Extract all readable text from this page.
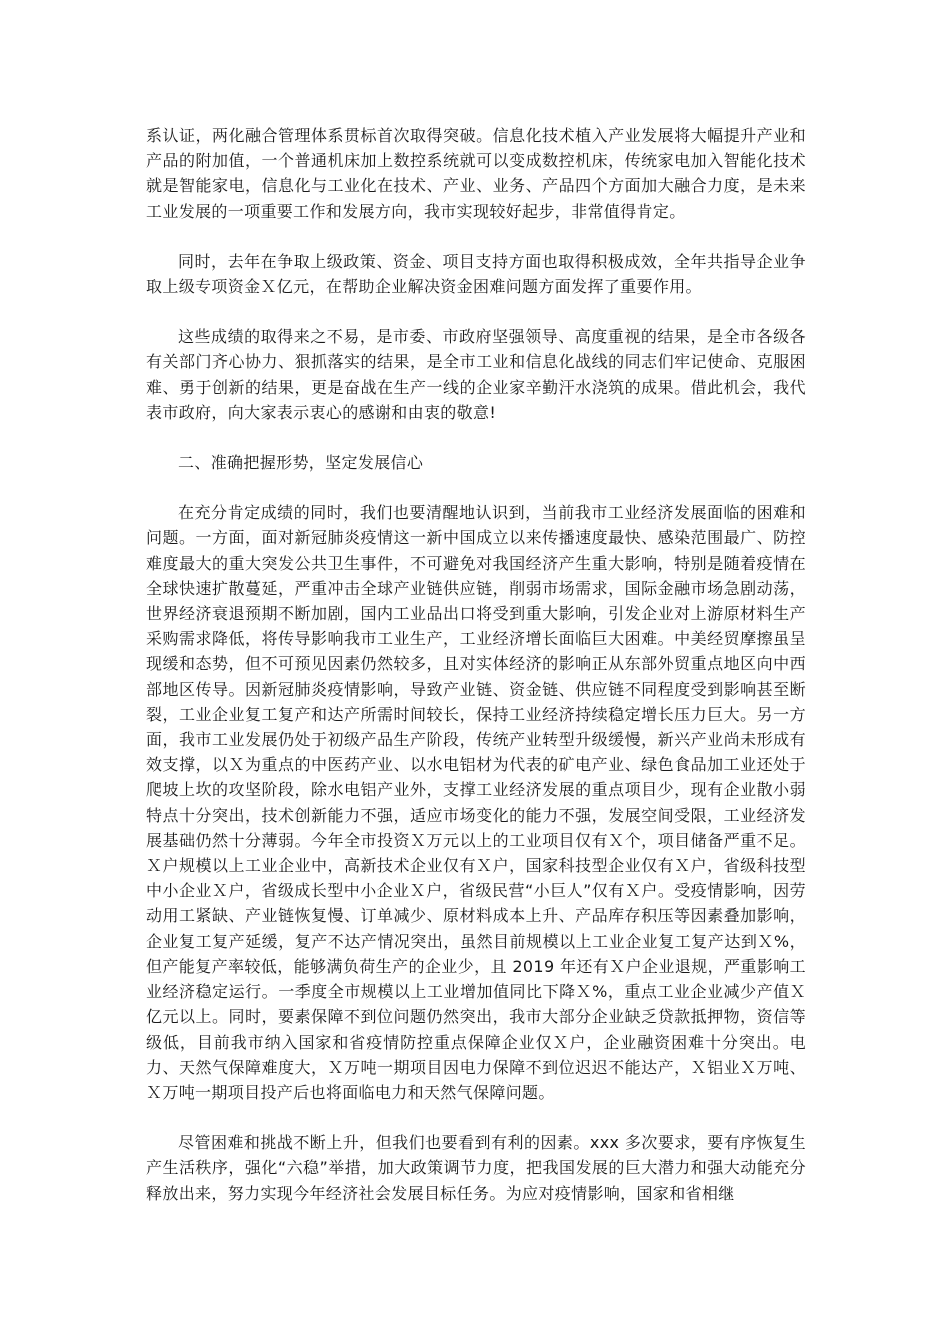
系认证，两化融合管理体系贯标首次取得突破。信息化技术植入产业发展将大幅提升产业和产品的附加值，一个普通机床加上数控系统就可以变成数控机床，传统家电加入智能化技术就是智能家电，信息化与工业化在技术、产业、业务、产品四个方面加大融合力度，是未来工业发展的一项重要工作和发展方向，我市实现较好起步，非常值得肯定。

同时，去年在争取上级政策、资金、项目支持方面也取得积极成效，全年共指导企业争取上级专项资金Ｘ亿元，在帮助企业解决资金困难问题方面发挥了重要作用。

这些成绩的取得来之不易，是市委、市政府坚强领导、高度重视的结果，是全市各级各有关部门齐心协力、狠抓落实的结果，是全市工业和信息化战线的同志们牢记使命、克服困难、勇于创新的结果，更是奋战在生产一线的企业家辛勤汗水浇筑的成果。借此机会，我代表市政府，向大家表示衷心的感谢和由衷的敬意!

二、准确把握形势，坚定发展信心

在充分肯定成绩的同时，我们也要清醒地认识到，当前我市工业经济发展面临的困难和问题。一方面，面对新冠肺炎疫情这一新中国成立以来传播速度最快、感染范围最广、防控难度最大的重大突发公共卫生事件，不可避免对我国经济产生重大影响，特别是随着疫情在全球快速扩散蔓延，严重冲击全球产业链供应链，削弱市场需求，国际金融市场急剧动荡，世界经济衰退预期不断加剧，国内工业品出口将受到重大影响，引发企业对上游原材料生产采购需求降低，将传导影响我市工业生产，工业经济增长面临巨大困难。中美经贸摩擦虽呈现缓和态势，但不可预见因素仍然较多，且对实体经济的影响正从东部外贸重点地区向中西部地区传导。因新冠肺炎疫情影响，导致产业链、资金链、供应链不同程度受到影响甚至断裂，工业企业复工复产和达产所需时间较长，保持工业经济持续稳定增长压力巨大。另一方面，我市工业发展仍处于初级产品生产阶段，传统产业转型升级缓慢，新兴产业尚未形成有效支撑，以Ｘ为重点的中医药产业、以水电铝材为代表的矿电产业、绿色食品加工业还处于爬坡上坎的攻坚阶段，除水电铝产业外，支撑工业经济发展的重点项目少，现有企业散小弱特点十分突出，技术创新能力不强，适应市场变化的能力不强，发展空间受限，工业经济发展基础仍然十分薄弱。今年全市投资Ｘ万元以上的工业项目仅有Ｘ个，项目储备严重不足。Ｘ户规模以上工业企业中，高新技术企业仅有Ｘ户，国家科技型企业仅有Ｘ户，省级科技型中小企业Ｘ户，省级成长型中小企业Ｘ户，省级民营“小巨人”仅有Ｘ户。受疫情影响，因劳动用工紧缺、产业链恢复慢、订单减少、原材料成本上升、产品库存积压等因素叠加影响，企业复工复产延缓，复产不达产情况突出，虽然目前规模以上工业企业复工复产达到Ｘ%，但产能复产率较低，能够满负荷生产的企业少，且 2019 年还有Ｘ户企业退规，严重影响工业经济稳定运行。一季度全市规模以上工业增加值同比下降Ｘ%，重点工业企业减少产值Ｘ亿元以上。同时，要素保障不到位问题仍然突出，我市大部分企业缺乏贷款抵押物，资信等级低，目前我市纳入国家和省疫情防控重点保障企业仅Ｘ户，企业融资困难十分突出。电力、天然气保障难度大，Ｘ万吨一期项目因电力保障不到位迟迟不能达产，Ｘ铝业Ｘ万吨、Ｘ万吨一期项目投产后也将面临电力和天然气保障问题。

尽管困难和挑战不断上升，但我们也要看到有利的因素。xxx 多次要求，要有序恢复生产生活秩序，强化“六稳”举措，加大政策调节力度，把我国发展的巨大潜力和强大动能充分释放出来，努力实现今年经济社会发展目标任务。为应对疫情影响，国家和省相继
